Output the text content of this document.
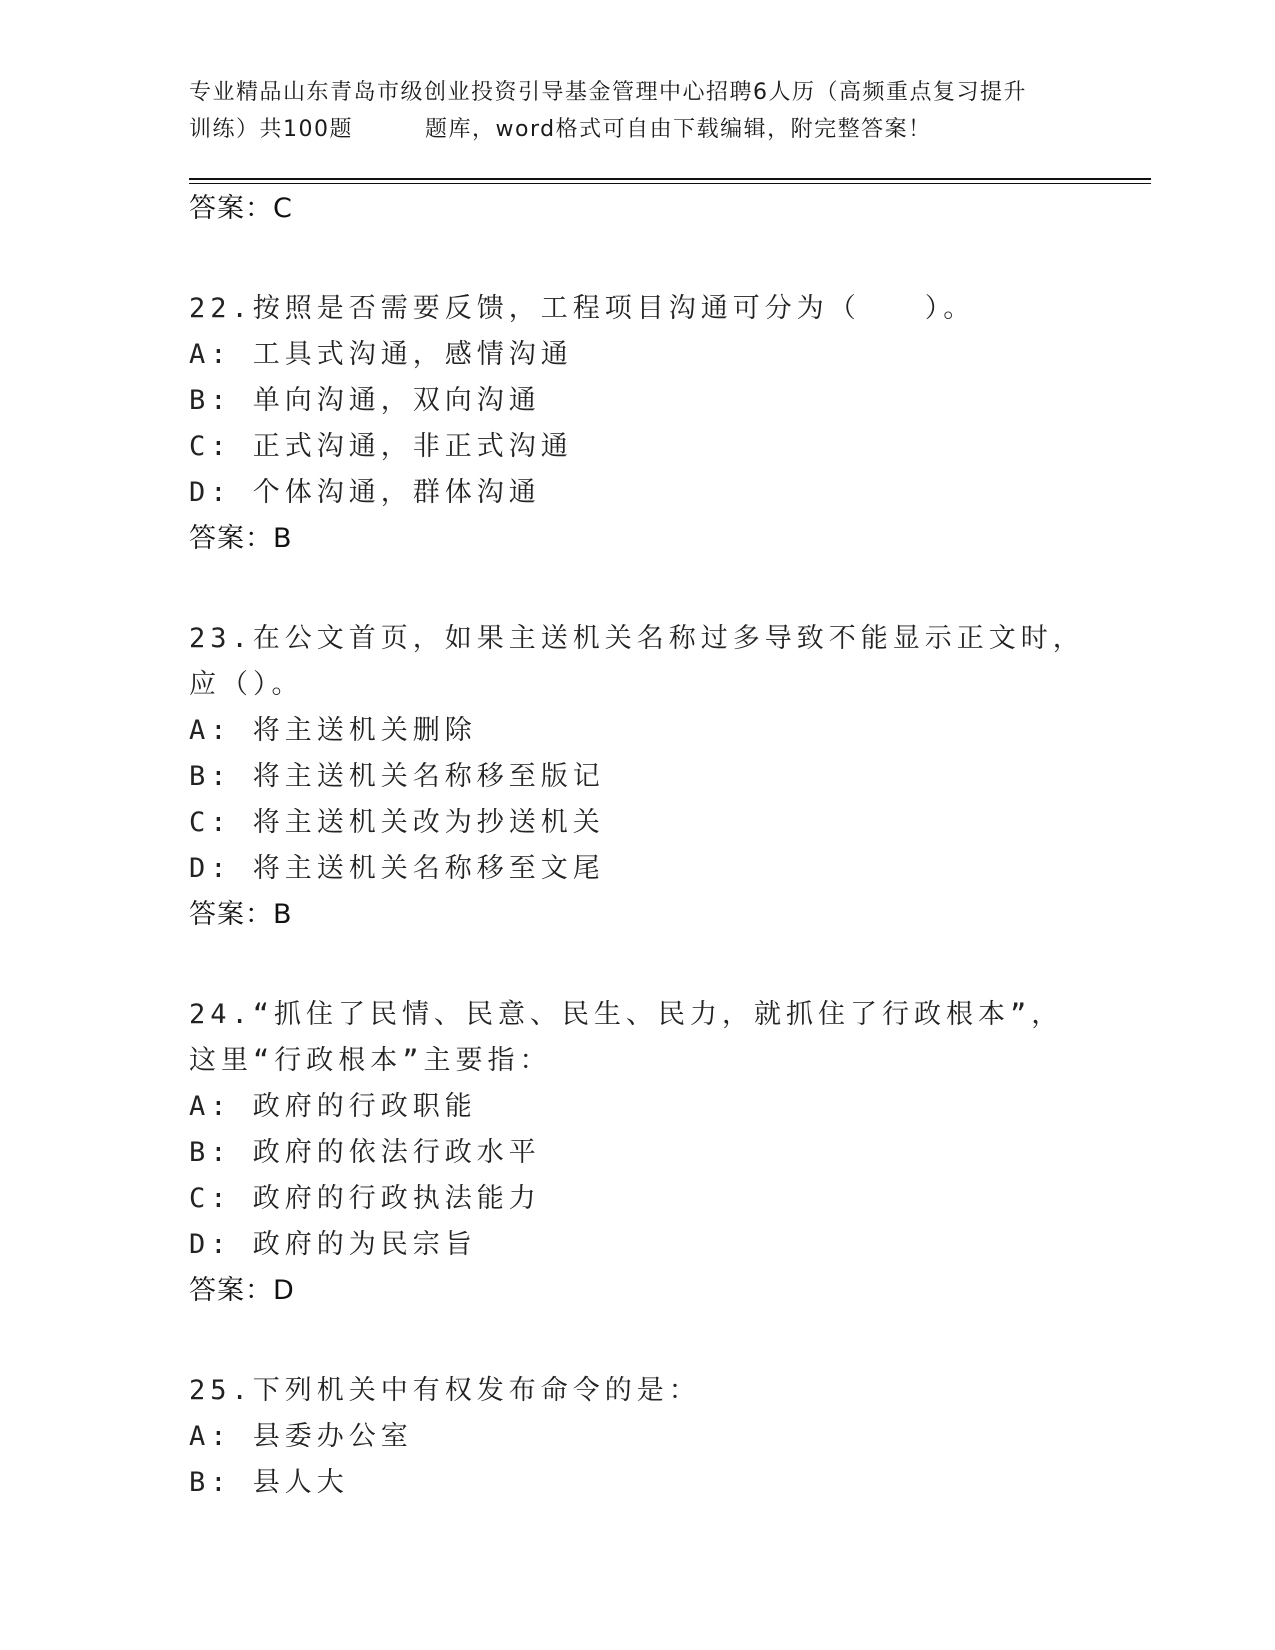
专业精品山东青岛市级创业投资引导基金管理中心招聘6人历（高频重点复习提升
训练）共100题	题库，word格式可自由下载编辑，附完整答案！
答案：C
22.按照是否需要反馈，工程项目沟通可分为（　　）。
A: 工具式沟通，感情沟通
B: 单向沟通，双向沟通
C: 正式沟通，非正式沟通
D: 个体沟通，群体沟通
答案：B
23.在公文首页，如果主送机关名称过多导致不能显示正文时，应（）。
A: 将主送机关删除
B: 将主送机关名称移至版记
C: 将主送机关改为抄送机关
D: 将主送机关名称移至文尾
答案：B
24.“抓住了民情、民意、民生、民力，就抓住了行政根本”，这里“行政根本”主要指：
A: 政府的行政职能
B: 政府的依法行政水平
C: 政府的行政执法能力
D: 政府的为民宗旨
答案：D
25.下列机关中有权发布命令的是：
A: 县委办公室
B: 县人大
